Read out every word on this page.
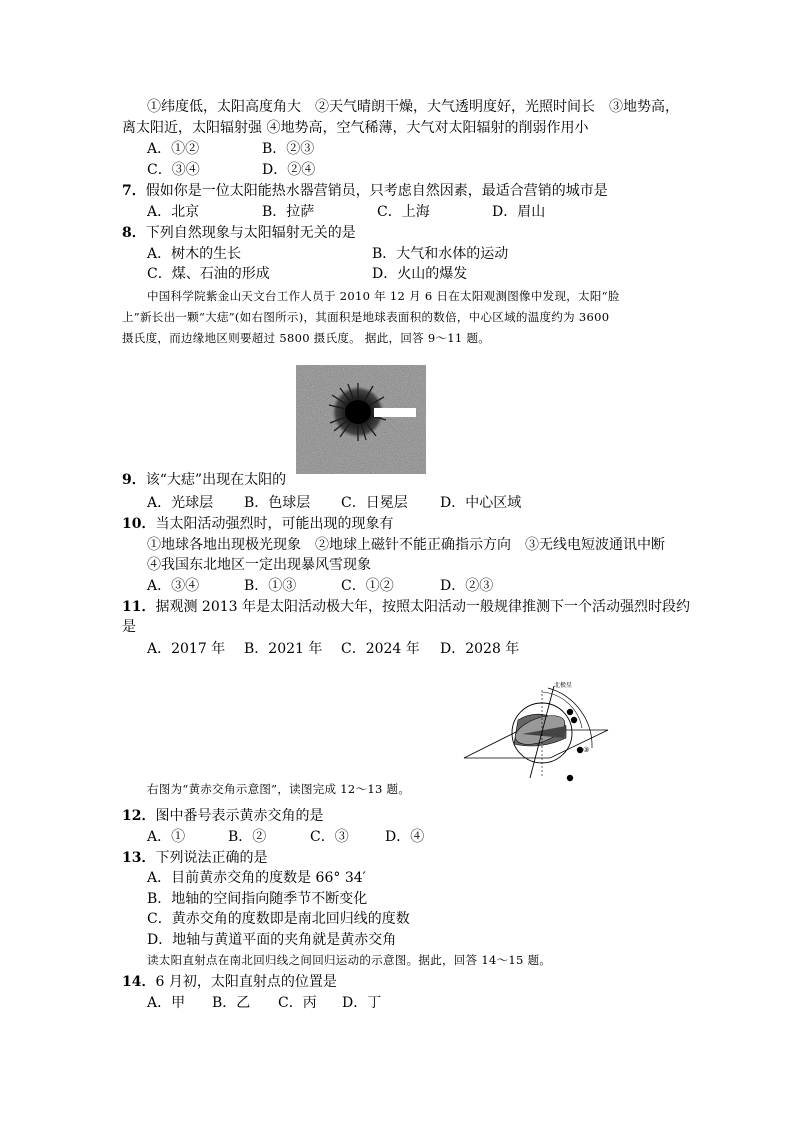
①纬度低，太阳高度角大　②天气晴朗干燥，大气透明度好，光照时间长　③地势高，
离太阳近，太阳辐射强 ④地势高，空气稀薄，大气对太阳辐射的削弱作用小
A．①②	B．②③
C．③④	D．②④
7．假如你是一位太阳能热水器营销员，只考虑自然因素，最适合营销的城市是
A．北京	B．拉萨	C．上海	D．眉山
8．下列自然现象与太阳辐射无关的是
A．树木的生长	B．大气和水体的运动
C．煤、石油的形成	D．火山的爆发
中国科学院紫金山天文台工作人员于 2010 年 12 月 6 日在太阳观测图像中发现，太阳“脸
上”新长出一颗“大痣”(如右图所示)，其面积是地球表面积的数倍，中心区域的温度约为 3600
摄氏度，而边缘地区则要超过 5800 摄氏度。 据此，回答 9～11 题。
9．该“大痣”出现在太阳的
A．光球层 B．色球层 C．日冕层 D．中心区域
10．当太阳活动强烈时，可能出现的现象有
①地球各地出现极光现象　②地球上磁针不能正确指示方向　③无线电短波通讯中断
④我国东北地区一定出现暴风雪现象
A．③④	B．①③	C．①②	D．②③
11．据观测 2013 年是太阳活动极大年，按照太阳活动一般规律推测下一个活动强烈时段约
是
A．2017 年 B．2021 年 C．2024 年 D．2028 年
北极星
③
右图为“黄赤交角示意图”，读图完成 12～13 题。
12．图中番号表示黄赤交角的是
A．①	B．②	C．③	D．④
13．下列说法正确的是
A．目前黄赤交角的度数是 66° 34′
B．地轴的空间指向随季节不断变化
C．黄赤交角的度数即是南北回归线的度数
D．地轴与黄道平面的夹角就是黄赤交角
读太阳直射点在南北回归线之间回归运动的示意图。据此，回答 14～15 题。
14．6 月初，太阳直射点的位置是
A．甲 B．乙 C．丙 D．丁
